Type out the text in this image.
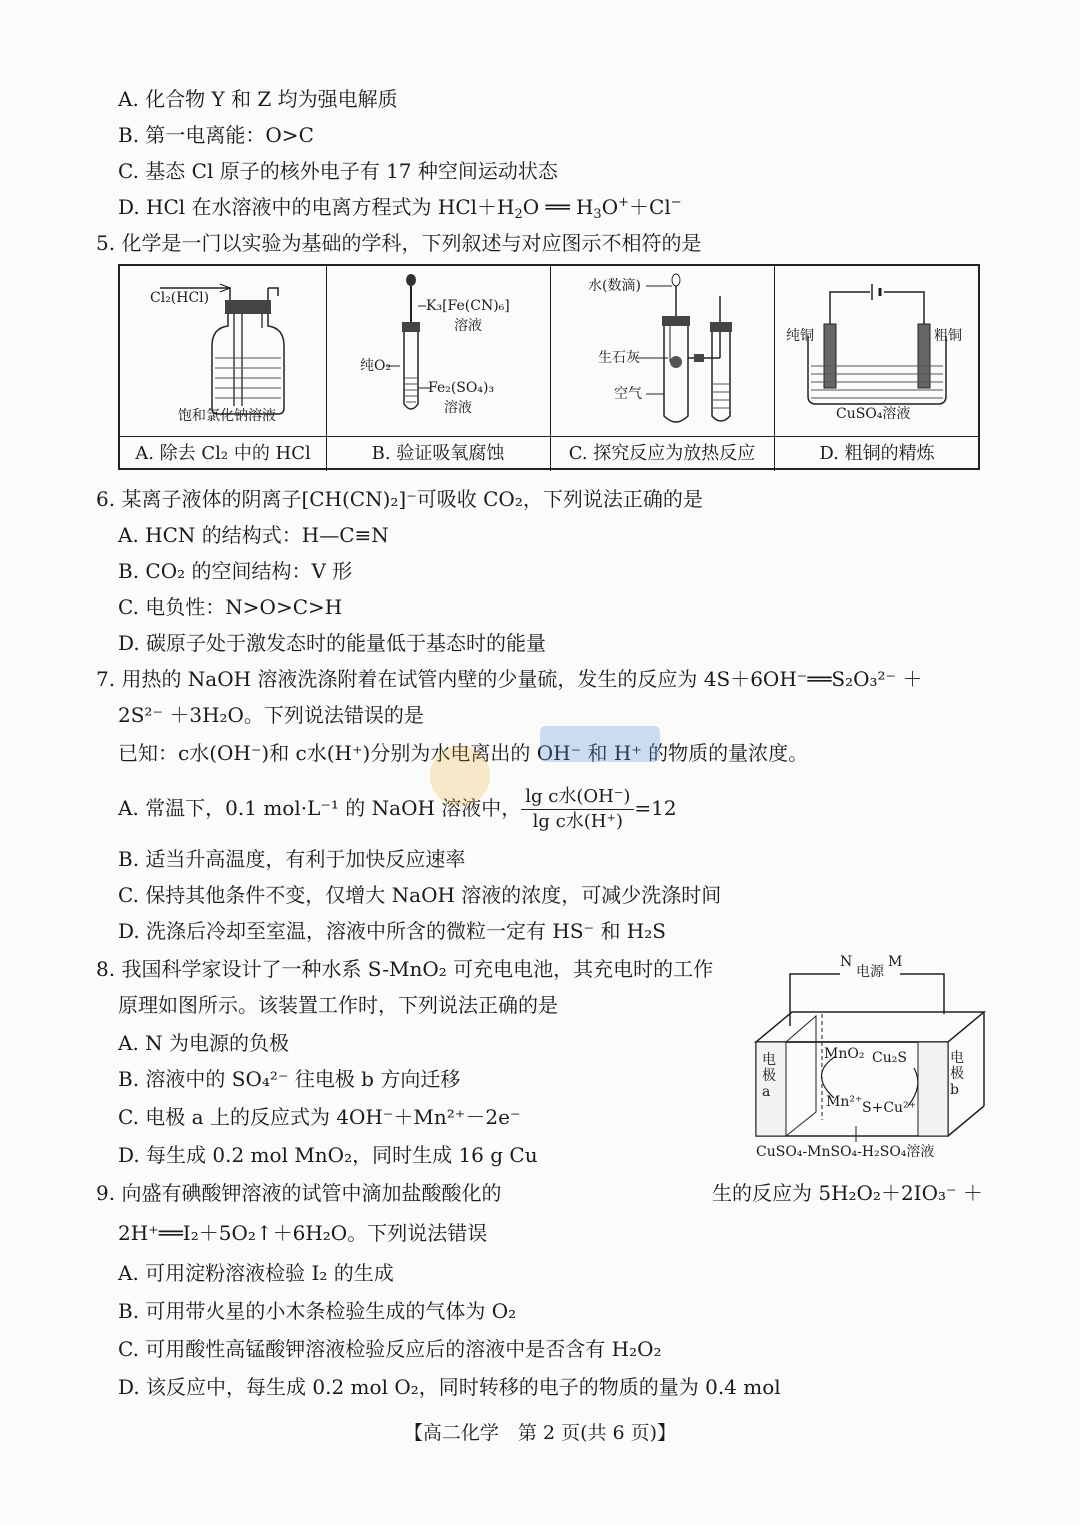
A. 化合物 Y 和 Z 均为强电解质
B. 第一电离能：O>C
C. 基态 Cl 原子的核外电子有 17 种空间运动状态
D. HCl 在水溶液中的电离方程式为 $HCl+H_2O$ ══ $H_3O^++Cl^-$
5. 化学是一门以实验为基础的学科，下列叙述与对应图示不相符的是
Cl₂(HCl)
饱和氯化钠溶液
K₃[Fe(CN)₆]
溶液
纯O₂
Fe₂(SO₄)₃
溶液
水(数滴)
生石灰
空气
纯铜	粗铜
CuSO₄溶液
A. 除去 Cl₂ 中的 HCl	B. 验证吸氧腐蚀	C. 探究反应为放热反应	D. 粗铜的精炼
6. 某离子液体的阴离子[CH(CN)₂]⁻可吸收 CO₂，下列说法正确的是
A. HCN 的结构式：H—C≡N
B. CO₂ 的空间结构：V 形
C. 电负性：N>O>C>H
D. 碳原子处于激发态时的能量低于基态时的能量
7. 用热的 NaOH 溶液洗涤附着在试管内壁的少量硫，发生的反应为 4S＋6OH⁻══S₂O₃²⁻ ＋
2S²⁻ ＋3H₂O。下列说法错误的是
已知：c水(OH⁻)和 c水(H⁺)分别为水电离出的 OH⁻ 和 H⁺ 的物质的量浓度。
A. 常温下，0.1 mol·L⁻¹ 的 NaOH 溶液中， $\frac{\text{lg c水(OH⁻)}}{\text{lg c水(H⁺)}} =12$
B. 适当升高温度，有利于加快反应速率
C. 保持其他条件不变，仅增大 NaOH 溶液的浓度，可减少洗涤时间
D. 洗涤后冷却至室温，溶液中所含的微粒一定有 HS⁻ 和 H₂S
8. 我国科学家设计了一种水系 S-MnO₂ 可充电电池，其充电时的工作
原理如图所示。该装置工作时，下列说法正确的是
A. N 为电源的负极
B. 溶液中的 SO₄²⁻ 往电极 b 方向迁移
C. 电极 a 上的反应式为 4OH⁻＋Mn²⁺－2e⁻
D. 每生成 0.2 mol MnO₂，同时生成 16 g Cu
N
电源
M
电极a
电极b
MnO₂ Cu₂S
Mn²⁺ S+Cu²⁺
CuSO₄-MnSO₄-H₂SO₄溶液
9. 向盛有碘酸钾溶液的试管中滴加盐酸酸化的	生的反应为 5H₂O₂＋2IO₃⁻ ＋
2H⁺══I₂＋5O₂↑＋6H₂O。下列说法错误
A. 可用淀粉溶液检验 I₂ 的生成
B. 可用带火星的小木条检验生成的气体为 O₂
C. 可用酸性高锰酸钾溶液检验反应后的溶液中是否含有 H₂O₂
D. 该反应中，每生成 0.2 mol O₂，同时转移的电子的物质的量为 0.4 mol
【高二化学　第 2 页(共 6 页)】
